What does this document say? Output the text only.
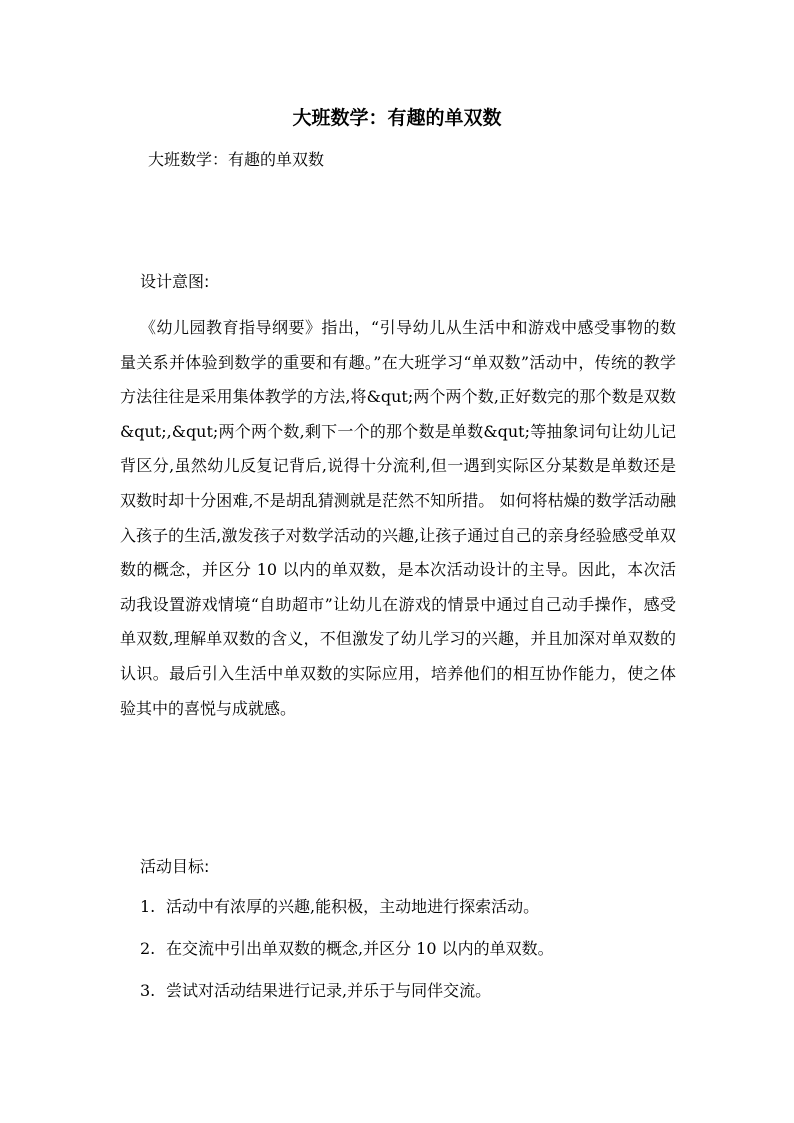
大班数学：有趣的单双数

大班数学：有趣的单双数

设计意图:

《幼儿园教育指导纲要》指出，“引导幼儿从生活中和游戏中感受事物的数量关系并体验到数学的重要和有趣。”在大班学习“单双数”活动中，传统的教学方法往往是采用集体教学的方法,将&qut;两个两个数,正好数完的那个数是双数&qut;,&qut;两个两个数,剩下一个的那个数是单数&qut;等抽象词句让幼儿记背区分,虽然幼儿反复记背后,说得十分流利,但一遇到实际区分某数是单数还是双数时却十分困难,不是胡乱猜测就是茫然不知所措。 如何将枯燥的数学活动融入孩子的生活,激发孩子对数学活动的兴趣,让孩子通过自己的亲身经验感受单双数的概念，并区分 10 以内的单双数，是本次活动设计的主导。因此，本次活动我设置游戏情境“自助超市”让幼儿在游戏的情景中通过自己动手操作，感受单双数,理解单双数的含义，不但激发了幼儿学习的兴趣，并且加深对单双数的认识。最后引入生活中单双数的实际应用，培养他们的相互协作能力，使之体验其中的喜悦与成就感。

活动目标:

1. 活动中有浓厚的兴趣,能积极，主动地进行探索活动。
2. 在交流中引出单双数的概念,并区分 10 以内的单双数。
3. 尝试对活动结果进行记录,并乐于与同伴交流。
